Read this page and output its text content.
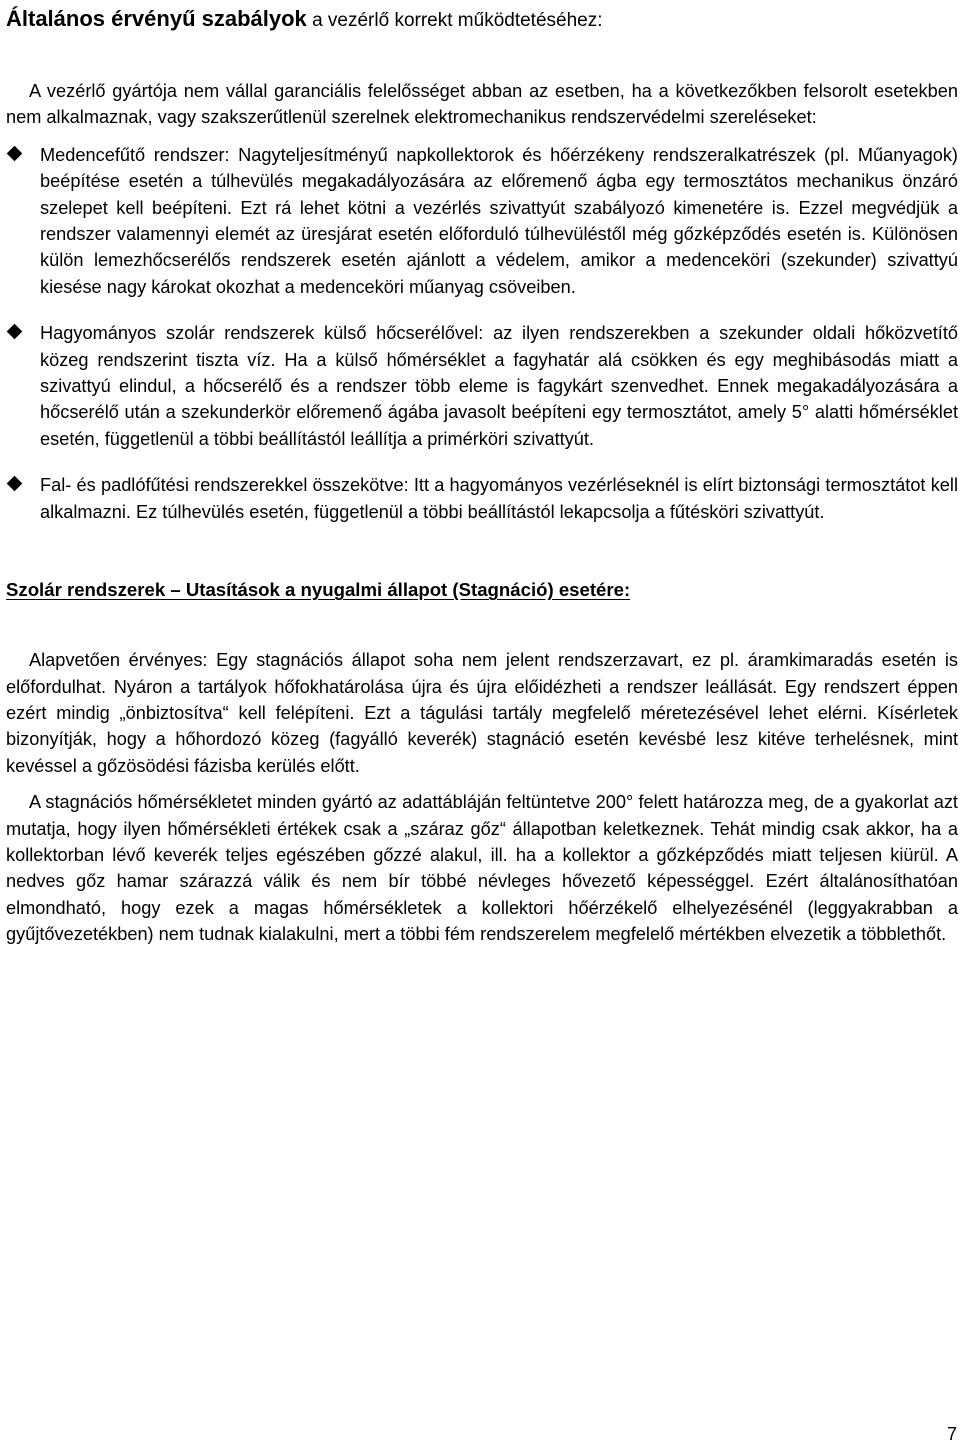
Általános érvényű szabályok a vezérlő korrekt működtetéséhez:

A vezérlő gyártója nem vállal garanciális felelősséget abban az esetben, ha a következőkben felsorolt esetekben nem alkalmaznak, vagy szakszerűtlenül szerelnek elektromechanikus rendszervédelmi szereléseket:

Medencefűtő rendszer: Nagyteljesítményű napkollektorok és hőérzékeny rendszeralkatrészek (pl. Műanyagok) beépítése esetén a túlhevülés megakadályozására az előremenő ágba egy termosztátos mechanikus önzáró szelepet kell beépíteni. Ezt rá lehet kötni a vezérlés szivattyút szabályozó kimenetére is. Ezzel megvédjük a rendszer valamennyi elemét az üresjárat esetén előforduló túlhevüléstől még gőzképződés esetén is. Különösen külön lemezhőcserélős rendszerek esetén ajánlott a védelem, amikor a medenceköri (szekunder) szivattyú kiesése nagy károkat okozhat a medenceköri műanyag csöveiben.
Hagyományos szolár rendszerek külső hőcserélővel: az ilyen rendszerekben a szekunder oldali hőközvetítő közeg rendszerint tiszta víz. Ha a külső hőmérséklet a fagyhatár alá csökken és egy meghibásodás miatt a szivattyú elindul, a hőcserélő és a rendszer több eleme is fagykárt szenvedhet. Ennek megakadályozására a hőcserélő után a szekunderkör előremenő ágába javasolt beépíteni egy termosztátot, amely 5° alatti hőmérséklet esetén, függetlenül a többi beállítástól leállítja a primérköri szivattyút.
Fal- és padlófűtési rendszerekkel összekötve: Itt a hagyományos vezérléseknél is elírt biztonsági termosztátot kell alkalmazni. Ez túlhevülés esetén, függetlenül a többi beállítástól lekapcsolja a fűtésköri szivattyút.
Szolár rendszerek – Utasítások a nyugalmi állapot (Stagnáció) esetére:

Alapvetően érvényes: Egy stagnációs állapot soha nem jelent rendszerzavart, ez pl. áramkimaradás esetén is előfordulhat. Nyáron a tartályok hőfokhatárolása újra és újra előidézheti a rendszer leállását. Egy rendszert éppen ezért mindig „önbiztosítva“ kell felépíteni. Ezt a tágulási tartály megfelelő méretezésével lehet elérni. Kísérletek bizonyítják, hogy a hőhordozó közeg (fagyálló keverék) stagnáció esetén kevésbé lesz kitéve terhelésnek, mint kevéssel a gőzösödési fázisba kerülés előtt.

A stagnációs hőmérsékletet minden gyártó az adattábláján feltüntetve 200° felett határozza meg, de a gyakorlat azt mutatja, hogy ilyen hőmérsékleti értékek csak a „száraz gőz“ állapotban keletkeznek. Tehát mindig csak akkor, ha a kollektorban lévő keverék teljes egészében gőzzé alakul, ill. ha a kollektor a gőzképződés miatt teljesen kiürül. A nedves gőz hamar szárazzá válik és nem bír többé névleges hővezető képességgel. Ezért általánosíthatóan elmondható, hogy ezek a magas hőmérsékletek a kollektori hőérzékelő elhelyezésénél (leggyakrabban a gyűjtővezetékben) nem tudnak kialakulni, mert a többi fém rendszerelem megfelelő mértékben elvezetik a többlethőt.

7
